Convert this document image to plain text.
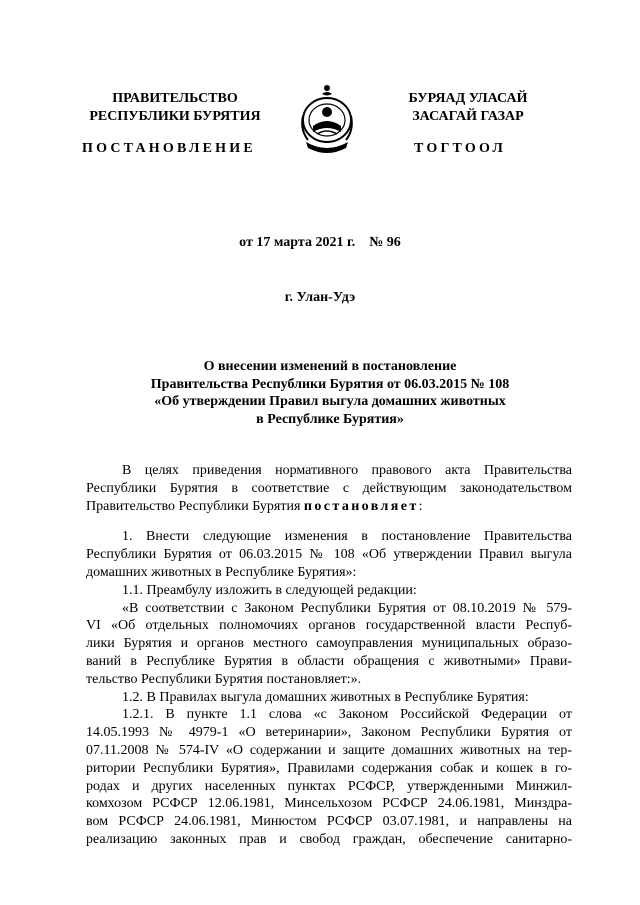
ПРАВИТЕЛЬСТВО
РЕСПУБЛИКИ БУРЯТИЯ
БУРЯАД УЛАСАЙ
ЗАСАГАЙ ГАЗАР
ПОСТАНОВЛЕНИЕ	ТОГТООЛ
от 17 марта 2021 г. № 96
г. Улан-Удэ
О внесении изменений в постановление
Правительства Республики Бурятия от 06.03.2015 № 108
«Об утверждении Правил выгула домашних животных
в Республике Бурятия»
В целях приведения нормативного правового акта Правительства
Республики Бурятия в соответствие с действующим законодательством
Правительство Республики Бурятия постановляет:
1. Внести следующие изменения в постановление Правительства
Республики Бурятия от 06.03.2015 № 108 «Об утверждении Правил выгула
домашних животных в Республике Бурятия»:
1.1. Преамбулу изложить в следующей редакции:
«В соответствии с Законом Республики Бурятия от 08.10.2019 № 579-
VI «Об отдельных полномочиях органов государственной власти Респуб-
лики Бурятия и органов местного самоуправления муниципальных образо-
ваний в Республике Бурятия в области обращения с животными» Прави-
тельство Республики Бурятия постановляет:».
1.2. В Правилах выгула домашних животных в Республике Бурятия:
1.2.1. В пункте 1.1 слова «с Законом Российской Федерации от
14.05.1993 № 4979-1 «О ветеринарии», Законом Республики Бурятия от
07.11.2008 № 574-IV «О содержании и защите домашних животных на тер-
ритории Республики Бурятия», Правилами содержания собак и кошек в го-
родах и других населенных пунктах РСФСР, утвержденными Минжил-
комхозом РСФСР 12.06.1981, Минсельхозом РСФСР 24.06.1981, Минздра-
вом РСФСР 24.06.1981, Минюстом РСФСР 03.07.1981, и направлены на
реализацию законных прав и свобод граждан, обеспечение санитарно-
